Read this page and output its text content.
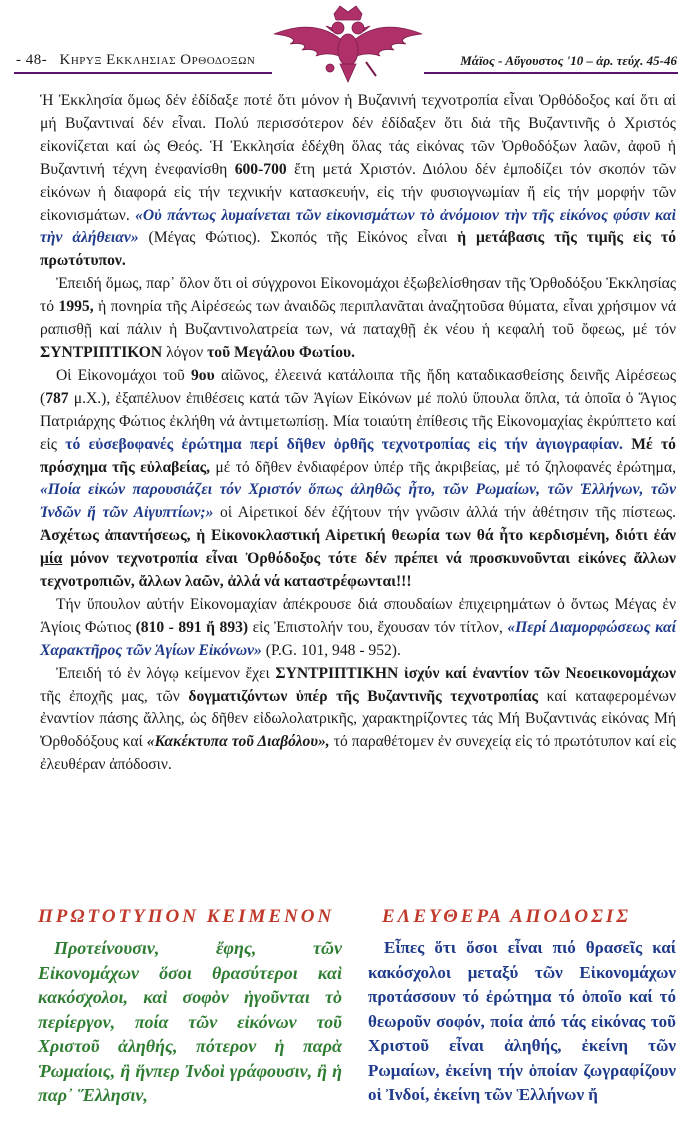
- 48- Κηρυξ Εκκλησιας Ορθοδοξων	Μάϊος - Αὔγουστος '10 – ἀρ. τεύχ. 45-46

Ἡ Ἐκκλησία ὅμως δέν ἐδίδαξε ποτέ ὅτι μόνον ἡ Βυζανινή τεχνοτροπία εἶναι Ὀρθόδοξος καί ὅτι αἱ μή Βυζαντιναί δέν εἶναι. Πολύ περισσότερον δέν ἐδίδαξεν ὅτι διά τῆς Βυζαντινῆς ὁ Χριστός εἰκονίζεται καί ὡς Θεός. Ἡ Ἐκκλησία ἐδέχθη ὅλας τάς εἰκόνας τῶν Ὀρθοδόξων λαῶν, ἀφοῦ ἡ Βυζαντινή τέχνη ἐνεφανίσθη 600-700 ἔτη μετά Χριστόν. Διόλου δέν ἐμποδίζει τόν σκοπόν τῶν εἰκόνων ἡ διαφορά εἰς τήν τεχνικήν κατασκευήν, εἰς τήν φυσιογνωμίαν ἤ εἰς τήν μορφήν τῶν εἰκονισμάτων. «Οὐ πάντως λυμαίνεται τῶν εἰκονισμάτων τὸ ἀνόμοιον τὴν τῆς εἰκόνος φύσιν καὶ τὴν ἀλήθειαν» (Μέγας Φώτιος). Σκοπός τῆς Εἰκόνος εἶναι ἡ μετάβασις τῆς τιμῆς εἰς τό πρωτότυπον.

Ἐπειδή ὅμως, παρ᾽ ὅλον ὅτι οἱ σύγχρονοι Εἰκονομάχοι ἐξωβελίσθησαν τῆς Ὀρθοδόξου Ἐκκλησίας τό 1995, ἡ πονηρία τῆς Αἱρέσεώς των ἀναιδῶς περιπλανᾶται ἀναζητοῦσα θύματα, εἶναι χρήσιμον νά ραπισθῇ καί πάλιν ἡ Βυζαντινολατρεία των, νά παταχθῇ ἐκ νέου ἡ κεφαλή τοῦ ὄφεως, μέ τόν ΣΥΝΤΡΙΠΤΙΚΟΝ λόγον τοῦ Μεγάλου Φωτίου.

Οἱ Εἰκονομάχοι τοῦ 9ου αἰῶνος, ἐλεεινά κατάλοιπα τῆς ἤδη καταδικασθείσης δεινῆς Αἱρέσεως (787 μ.Χ.), ἐξαπέλυον ἐπιθέσεις κατά τῶν Ἁγίων Εἰκόνων μέ πολύ ὕπουλα ὅπλα, τά ὁποῖα ὁ Ἅγιος Πατριάρχης Φώτιος ἐκλήθη νά ἀντιμετωπίσῃ. Μία τοιαύτη ἐπίθεσις τῆς Εἰκονομαχίας ἐκρύπτετο καί εἰς τό εὐσεβοφανές ἐρώτημα περί δῆθεν ὀρθῆς τεχνοτροπίας εἰς τήν ἁγιογραφίαν. Μέ τό πρόσχημα τῆς εὐλαβείας, μέ τό δῆθεν ἐνδιαφέρον ὑπέρ τῆς ἀκριβείας, μέ τό ζηλοφανές ἐρώτημα, «Ποία εἰκών παρουσιάζει τόν Χριστόν ὅπως ἀληθῶς ἦτο, τῶν Ρωμαίων, τῶν Ἑλλήνων, τῶν Ἰνδῶν ἤ τῶν Αἰγυπτίων;» οἱ Αἱρετικοί δέν ἐζήτουν τήν γνῶσιν ἀλλά τήν ἀθέτησιν τῆς πίστεως. Ἀσχέτως ἀπαντήσεως, ἡ Εἰκονοκλαστική Αἱρετική θεωρία των θά ἦτο κερδισμένη, διότι ἐάν μία μόνον τεχνοτροπία εἶναι Ὀρθόδοξος τότε δέν πρέπει νά προσκυνοῦνται εἰκόνες ἄλλων τεχνοτροπιῶν, ἄλλων λαῶν, ἀλλά νά καταστρέφωνται!!!

Τήν ὕπουλον αὐτήν Εἰκονομαχίαν ἀπέκρουσε διά σπουδαίων ἐπιχειρημάτων ὁ ὄντως Μέγας ἐν Ἁγίοις Φώτιος (810 - 891 ἤ 893) εἰς Ἐπιστολήν του, ἔχουσαν τόν τίτλον, «Περί Διαμορφώσεως καί Χαρακτῆρος τῶν Ἁγίων Εἰκόνων» (P.G. 101, 948 - 952).

Ἐπειδή τό ἐν λόγῳ κείμενον ἔχει ΣΥΝΤΡΙΠΤΙΚΗΝ ἰσχύν καί ἐναντίον τῶν Νεοεικονομάχων τῆς ἐποχῆς μας, τῶν δογματιζόντων ὑπέρ τῆς Βυζαντινῆς τεχνοτροπίας καί καταφερομένων ἐναντίον πάσης ἄλλης, ὡς δῆθεν εἰδωλολατρικῆς, χαρακτηρίζοντες τάς Μή Βυζαντινάς εἰκόνας Μή Ὀρθοδόξους καί «Κακέκτυπα τοῦ Διαβόλου», τό παραθέτομεν ἐν συνεχείᾳ εἰς τό πρωτότυπον καί εἰς ἐλευθέραν ἀπόδοσιν.

ΠΡΩΤΟΤΥΠΟΝ ΚΕΙΜΕΝΟΝ	ΕΛΕΥΘΕΡΑ ΑΠΟΔΟΣΙΣ

Προτείνουσιν, ἔφης, τῶν Εἰκονομάχων ὅσοι θρασύτεροι καὶ κακόσχολοι, καὶ σοφὸν ἡγοῦνται τὸ περίεργον, ποία τῶν εἰκόνων τοῦ Χριστοῦ ἀληθής, πότερον ἡ παρὰ Ῥωμαίοις, ἢ ἥνπερ Ἰνδοὶ γράφουσιν, ἢ ἡ παρ᾽ Ἕλλησιν,

Εἶπες ὅτι ὅσοι εἶναι πιό θρασεῖς καί κακόσχολοι μεταξύ τῶν Εἰκονομάχων προτάσσουν τό ἐρώτημα τό ὁποῖο καί τό θεωροῦν σοφόν, ποία ἀπό τάς εἰκόνας τοῦ Χριστοῦ εἶναι ἀληθής, ἐκείνη τῶν Ρωμαίων, ἐκείνη τήν ὁποίαν ζωγραφίζουν οἱ Ἰνδοί, ἐκείνη τῶν Ἑλλήνων ἤ
